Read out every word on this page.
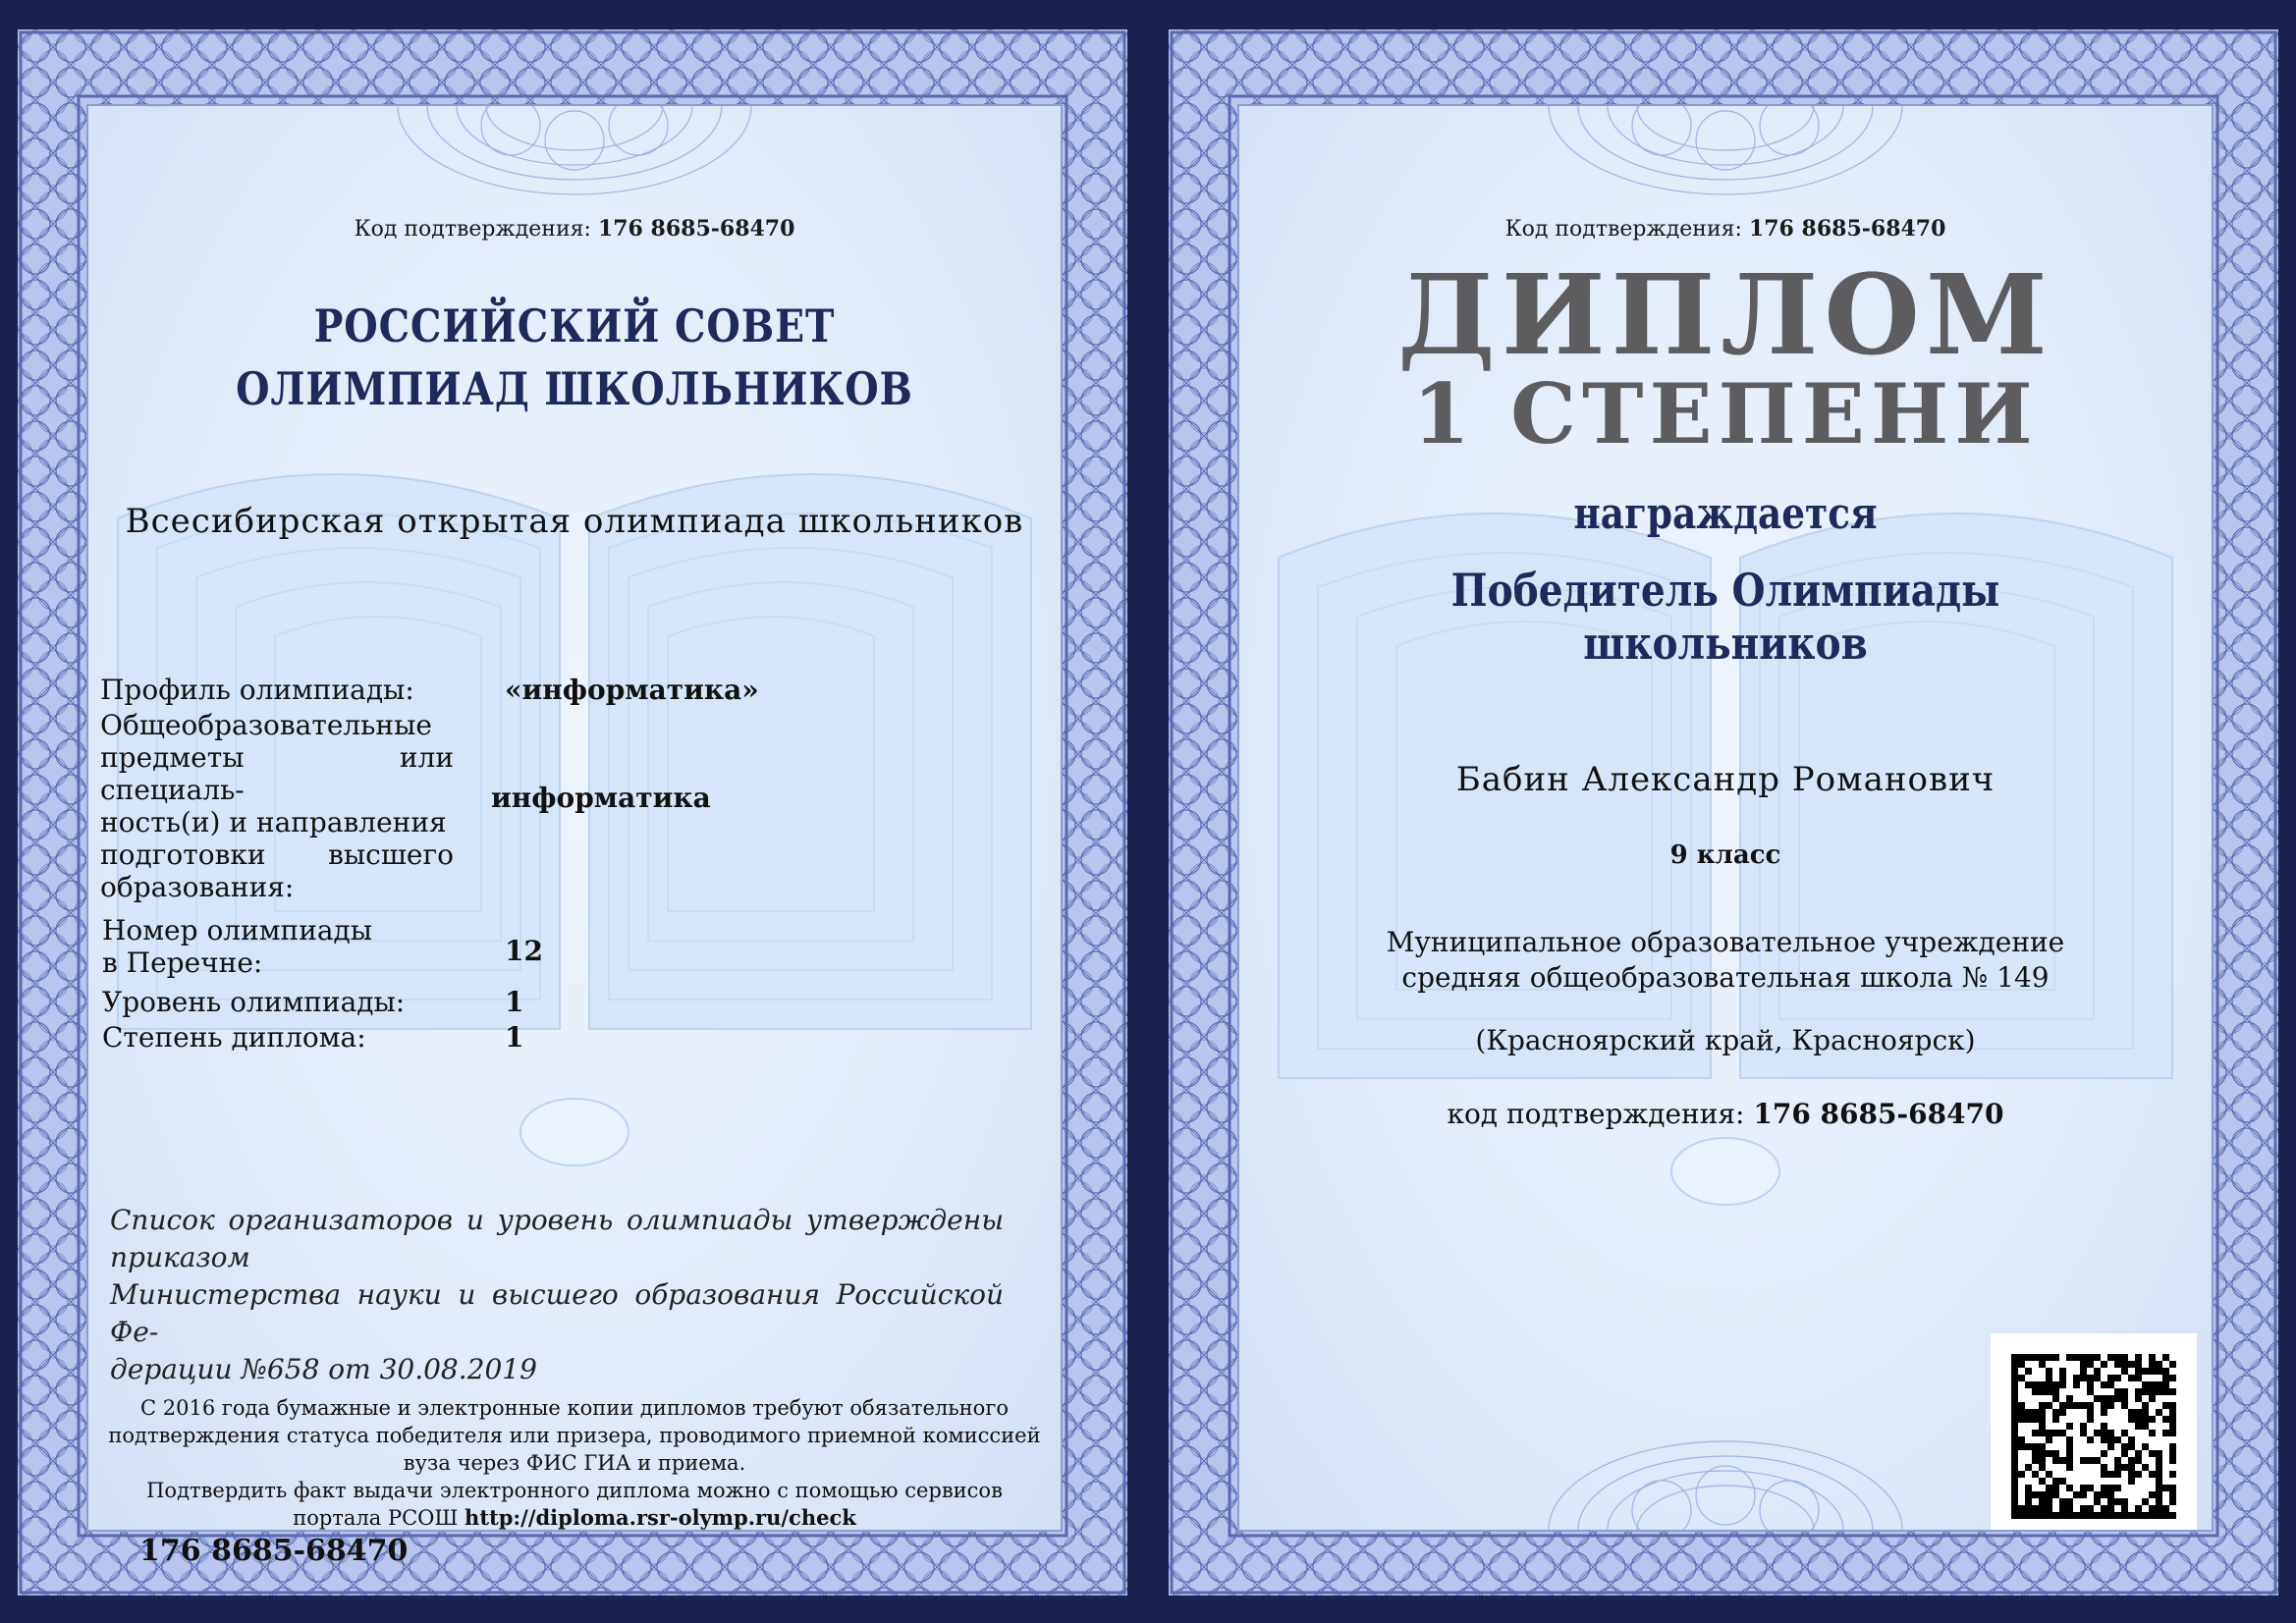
Код подтверждения: 176 8685-68470
РОССИЙСКИЙ СОВЕТ
ОЛИМПИАД ШКОЛЬНИКОВ
Всесибирская открытая олимпиада школьников
Профиль олимпиады:	«информатика»
Общеобразовательные
предметы или специаль-
ность(и) и направления
подготовки высшего
образования:
информатика
Номер олимпиады
в Перечне:	12
Уровень олимпиады:	1
Степень диплома:	1
Список организаторов и уровень олимпиады утверждены
приказом
Министерства науки и высшего образования Российской Фе-
дерации №658 от 30.08.2019
С 2016 года бумажные и электронные копии дипломов требуют обязательного
подтверждения статуса победителя или призера, проводимого приемной комиссией
вуза через ФИС ГИА и приема.
Подтвердить факт выдачи электронного диплома можно с помощью сервисов
портала РСОШ http://diploma.rsr-olymp.ru/check
176 8685-68470
Код подтверждения: 176 8685-68470
ДИПЛОМ
1 СТЕПЕНИ
награждается
Победитель Олимпиады школьников
Бабин Александр Романович
9 класс
Муниципальное образовательное учреждение
средняя общеобразовательная школа № 149
(Красноярский край, Красноярск)
код подтверждения: 176 8685-68470
